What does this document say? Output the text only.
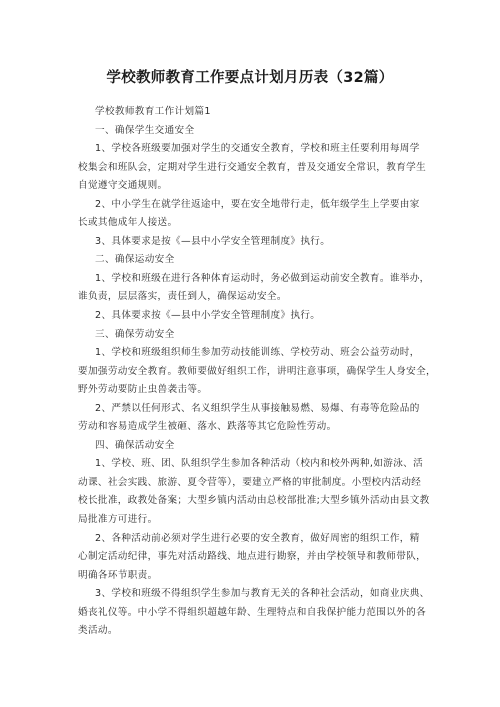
学校教师教育工作要点计划月历表（32篇）
学校教师教育工作计划篇1
一、确保学生交通安全
1、学校各班级要加强对学生的交通安全教育，学校和班主任要利用每周学
校集会和班队会，定期对学生进行交通安全教育，普及交通安全常识，教育学生
自觉遵守交通规则。
2、中小学生在就学往返途中，要在安全地带行走，低年级学生上学要由家
长或其他成年人接送。
3、具体要求是按《—县中小学安全管理制度》执行。
二、确保运动安全
1、学校和班级在进行各种体育运动时，务必做到运动前安全教育。谁举办，
谁负责，层层落实，责任到人，确保运动安全。
2、具体要求按《—县中小学安全管理制度》执行。
三、确保劳动安全
1、学校和班级组织师生参加劳动技能训练、学校劳动、班会公益劳动时，
要加强劳动安全教育。教师要做好组织工作，讲明注意事项，确保学生人身安全，
野外劳动要防止虫兽袭击等。
2、严禁以任何形式、名义组织学生从事接触易燃、易爆、有毒等危险品的
劳动和容易造成学生被砸、落水、跌落等其它危险性劳动。
四、确保活动安全
1、学校、班、团、队组织学生参加各种活动（校内和校外两种,如游泳、活
动课、社会实践、旅游、夏令营等），要建立严格的审批制度。小型校内活动经
校长批准，政教处备案；大型乡镇内活动由总校部批准;大型乡镇外活动由县文教
局批准方可进行。
2、各种活动前必须对学生进行必要的安全教育，做好周密的组织工作，精
心制定活动纪律，事先对活动路线、地点进行勘察，并由学校领导和教师带队，
明确各环节职责。
3、学校和班级不得组织学生参加与教育无关的各种社会活动，如商业庆典、
婚丧礼仪等。中小学不得组织超越年龄、生理特点和自我保护能力范围以外的各
类活动。
